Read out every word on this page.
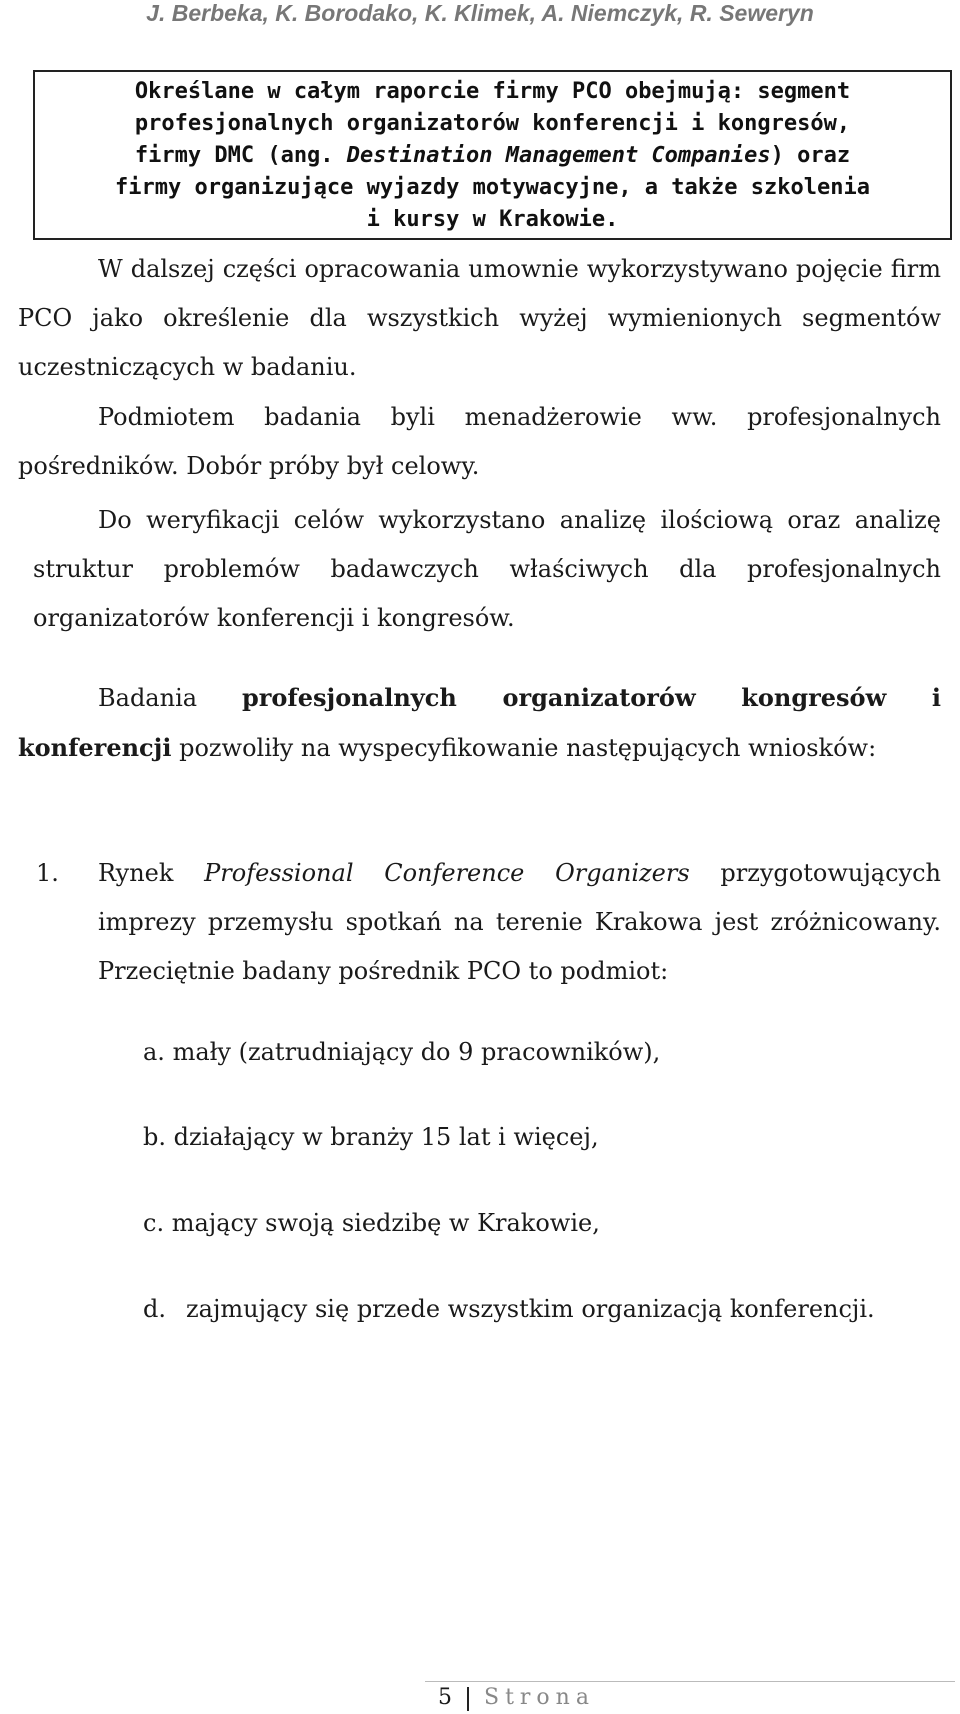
J. Berbeka, K. Borodako, K. Klimek, A. Niemczyk, R. Seweryn
Określane w całym raporcie firmy PCO obejmują: segment
profesjonalnych organizatorów konferencji i kongresów,
firmy DMC (ang. Destination Management Companies) oraz
firmy organizujące wyjazdy motywacyjne, a także szkolenia
i kursy w Krakowie.

W dalszej części opracowania umownie wykorzystywano pojęcie firm PCO jako określenie dla wszystkich wyżej wymienionych segmentów uczestniczących w badaniu.

Podmiotem badania byli menadżerowie ww. profesjonalnych pośredników. Dobór próby był celowy.

Do weryfikacji celów wykorzystano analizę ilościową oraz analizę struktur problemów badawczych właściwych dla profesjonalnych organizatorów konferencji i kongresów.

Badania profesjonalnych organizatorów kongresów i konferencji pozwoliły na wyspecyfikowanie następujących wniosków:

1. Rynek Professional Conference Organizers przygotowujących imprezy przemysłu spotkań na terenie Krakowa jest zróżnicowany. Przeciętnie badany pośrednik PCO to podmiot:

a. mały (zatrudniający do 9 pracowników),
b. działający w branży 15 lat i więcej,
c. mający swoją siedzibę w Krakowie,
d. zajmujący się przede wszystkim organizacją konferencji.

5 Strona
